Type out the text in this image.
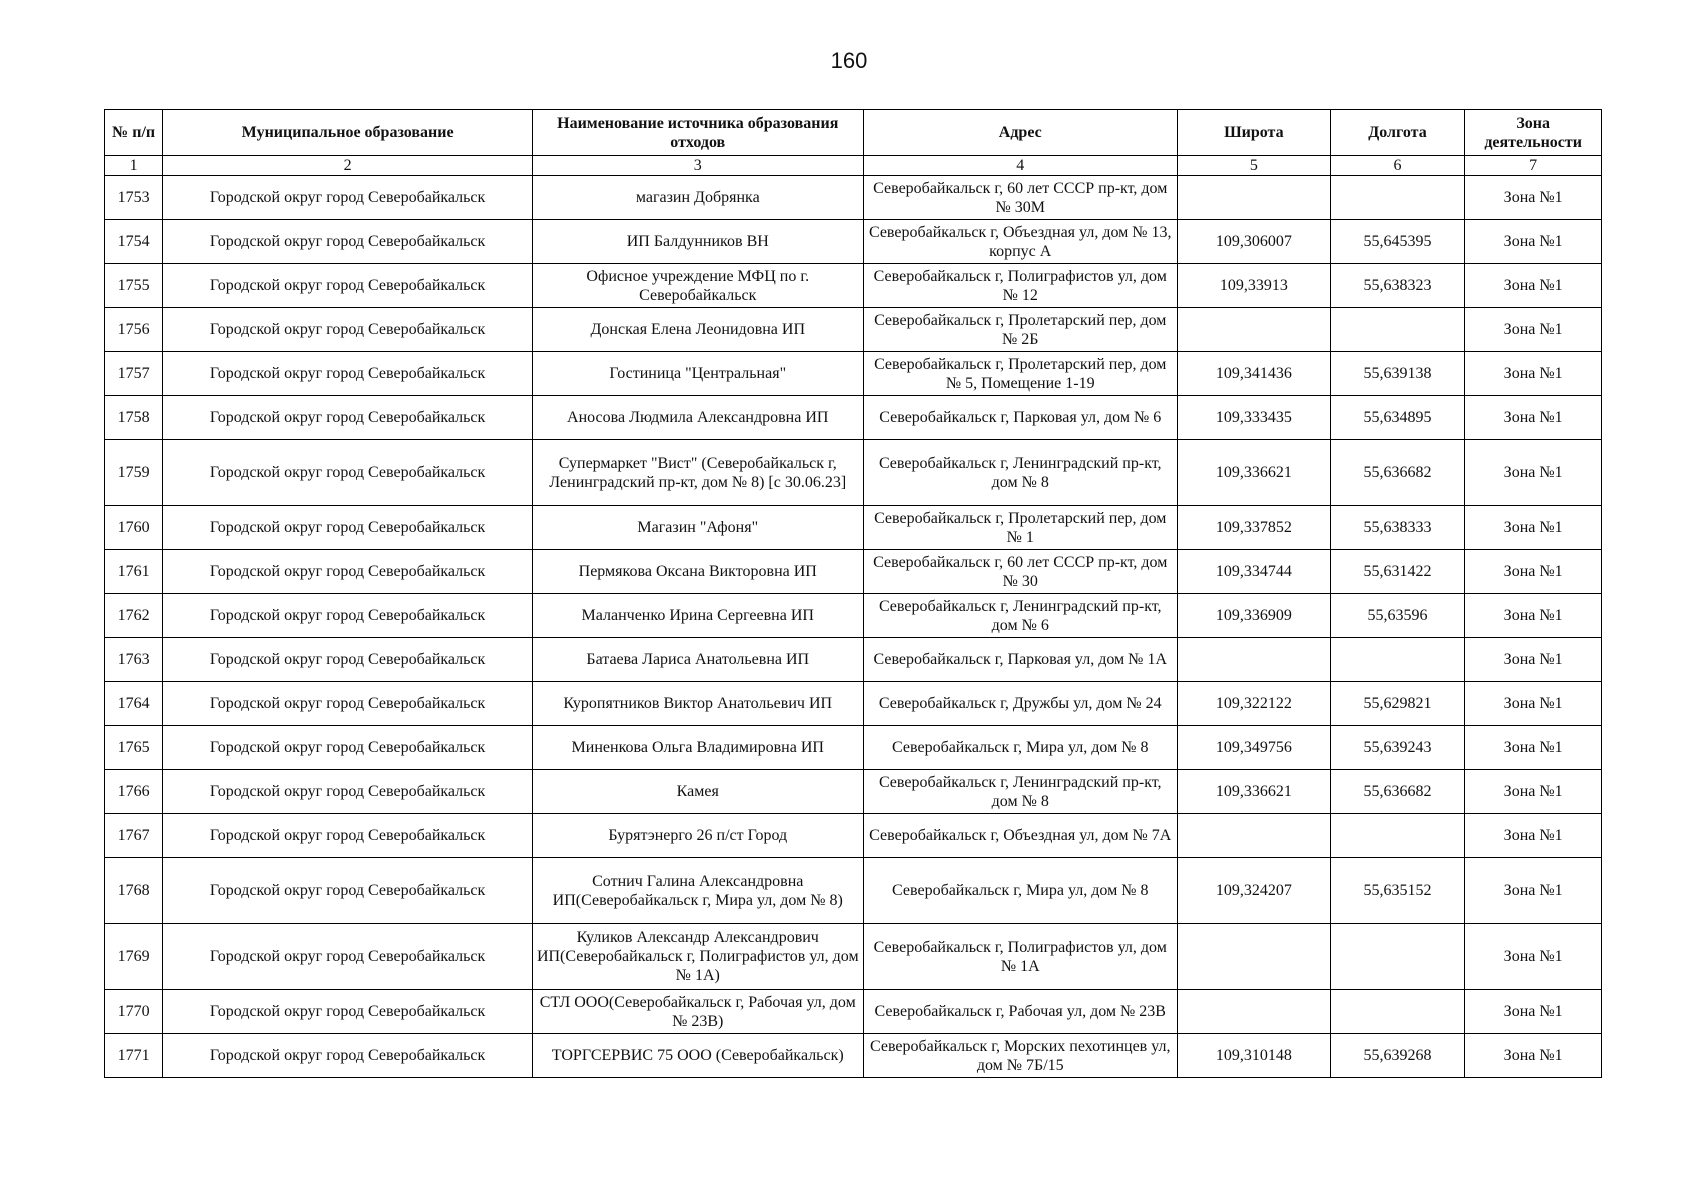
160
№ п/п	Муниципальное образование	Наименование источника образования отходов	Адрес	Широта	Долгота	Зона деятельности
1	2	3	4	5	6	7
1753	Городской округ город Северобайкальск	магазин Добрянка	Северобайкальск г, 60 лет СССР пр-кт, дом № 30М			Зона №1
1754	Городской округ город Северобайкальск	ИП Балдунников ВН	Северобайкальск г, Объездная ул, дом № 13, корпус А	109,306007	55,645395	Зона №1
1755	Городской округ город Северобайкальск	Офисное учреждение МФЦ по г. Северобайкальск	Северобайкальск г, Полиграфистов ул, дом № 12	109,33913	55,638323	Зона №1
1756	Городской округ город Северобайкальск	Донская Елена Леонидовна ИП	Северобайкальск г, Пролетарский пер, дом № 2Б			Зона №1
1757	Городской округ город Северобайкальск	Гостиница "Центральная"	Северобайкальск г, Пролетарский пер, дом № 5, Помещение 1-19	109,341436	55,639138	Зона №1
1758	Городской округ город Северобайкальск	Аносова Людмила Александровна ИП	Северобайкальск г, Парковая ул, дом № 6	109,333435	55,634895	Зона №1
1759	Городской округ город Северобайкальск	Супермаркет "Вист" (Северобайкальск г, Ленинградский пр-кт, дом № 8) [с 30.06.23]	Северобайкальск г, Ленинградский пр-кт, дом № 8	109,336621	55,636682	Зона №1
1760	Городской округ город Северобайкальск	Магазин "Афоня"	Северобайкальск г, Пролетарский пер, дом № 1	109,337852	55,638333	Зона №1
1761	Городской округ город Северобайкальск	Пермякова Оксана Викторовна ИП	Северобайкальск г, 60 лет СССР пр-кт, дом № 30	109,334744	55,631422	Зона №1
1762	Городской округ город Северобайкальск	Маланченко Ирина Сергеевна ИП	Северобайкальск г, Ленинградский пр-кт, дом № 6	109,336909	55,63596	Зона №1
1763	Городской округ город Северобайкальск	Батаева Лариса Анатольевна ИП	Северобайкальск г, Парковая ул, дом № 1А			Зона №1
1764	Городской округ город Северобайкальск	Куропятников Виктор Анатольевич ИП	Северобайкальск г, Дружбы ул, дом № 24	109,322122	55,629821	Зона №1
1765	Городской округ город Северобайкальск	Миненкова Ольга Владимировна ИП	Северобайкальск г, Мира ул, дом № 8	109,349756	55,639243	Зона №1
1766	Городской округ город Северобайкальск	Камея	Северобайкальск г, Ленинградский пр-кт, дом № 8	109,336621	55,636682	Зона №1
1767	Городской округ город Северобайкальск	Бурятэнерго 26 п/ст Город	Северобайкальск г, Объездная ул, дом № 7А			Зона №1
1768	Городской округ город Северобайкальск	Сотнич Галина Александровна ИП(Северобайкальск г, Мира ул, дом № 8)	Северобайкальск г, Мира ул, дом № 8	109,324207	55,635152	Зона №1
1769	Городской округ город Северобайкальск	Куликов Александр Александрович ИП(Северобайкальск г, Полиграфистов ул, дом № 1А)	Северобайкальск г, Полиграфистов ул, дом № 1А			Зона №1
1770	Городской округ город Северобайкальск	СТЛ ООО(Северобайкальск г, Рабочая ул, дом № 23В)	Северобайкальск г, Рабочая ул, дом № 23В			Зона №1
1771	Городской округ город Северобайкальск	ТОРГСЕРВИС 75 ООО (Северобайкальск)	Северобайкальск г, Морских пехотинцев ул, дом № 7Б/15	109,310148	55,639268	Зона №1
